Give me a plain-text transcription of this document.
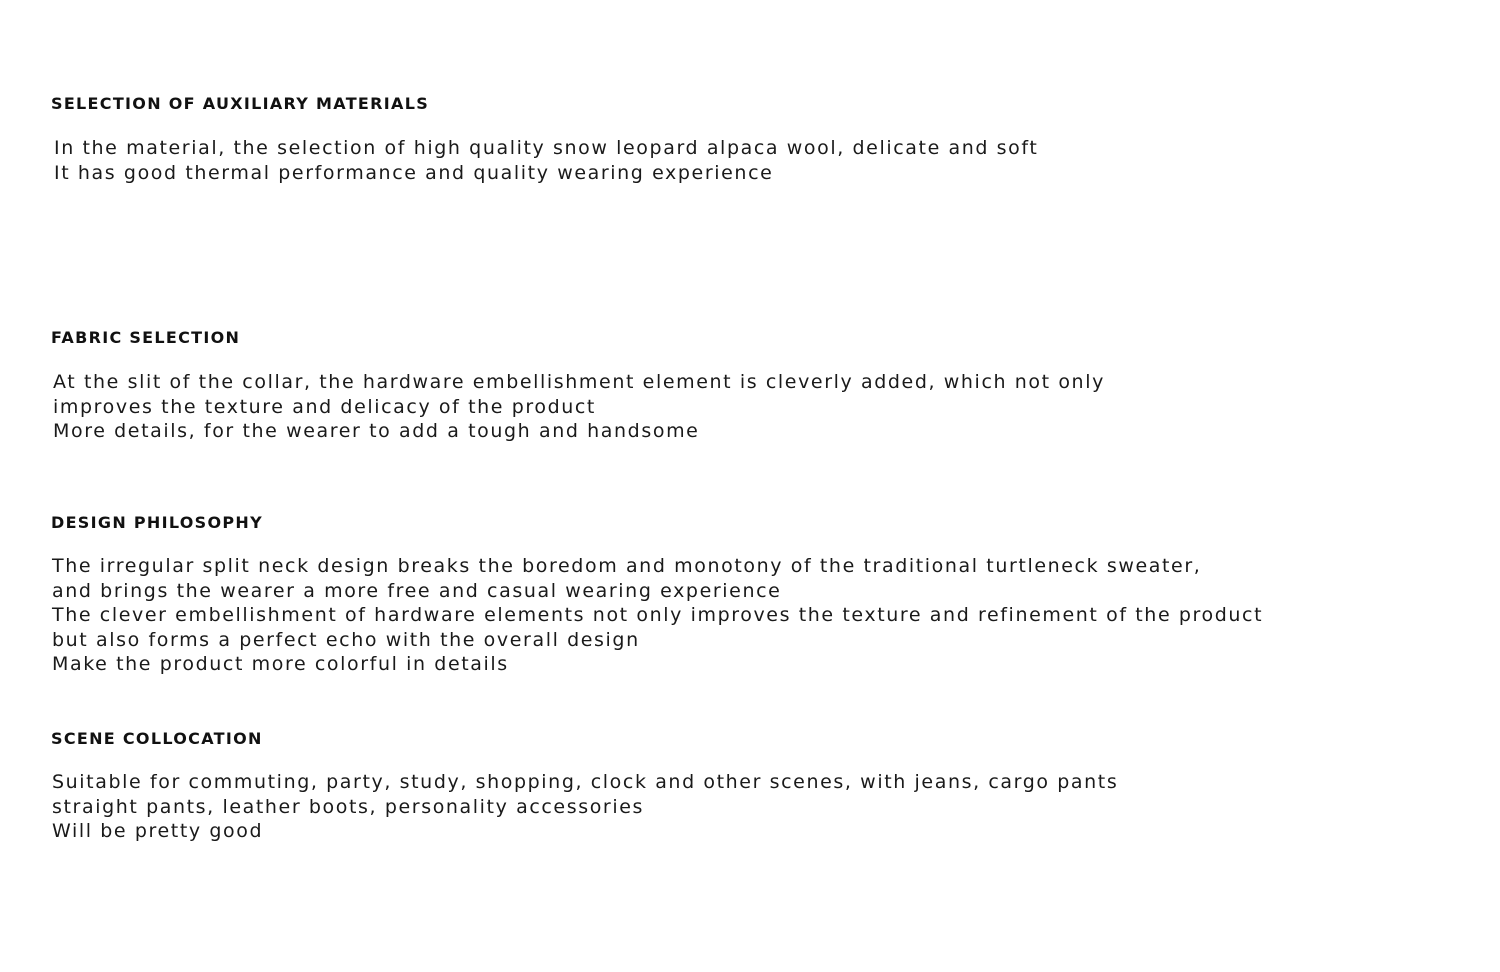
SELECTION OF AUXILIARY MATERIALS
In the material, the selection of high quality snow leopard alpaca wool, delicate and soft
It has good thermal performance and quality wearing experience
FABRIC SELECTION
At the slit of the collar, the hardware embellishment element is cleverly added, which not only
improves the texture and delicacy of the product
More details, for the wearer to add a tough and handsome
DESIGN PHILOSOPHY
The irregular split neck design breaks the boredom and monotony of the traditional turtleneck sweater,
and brings the wearer a more free and casual wearing experience
The clever embellishment of hardware elements not only improves the texture and refinement of the product
but also forms a perfect echo with the overall design
Make the product more colorful in details
SCENE COLLOCATION
Suitable for commuting, party, study, shopping, clock and other scenes, with jeans, cargo pants
straight pants, leather boots, personality accessories
Will be pretty good
